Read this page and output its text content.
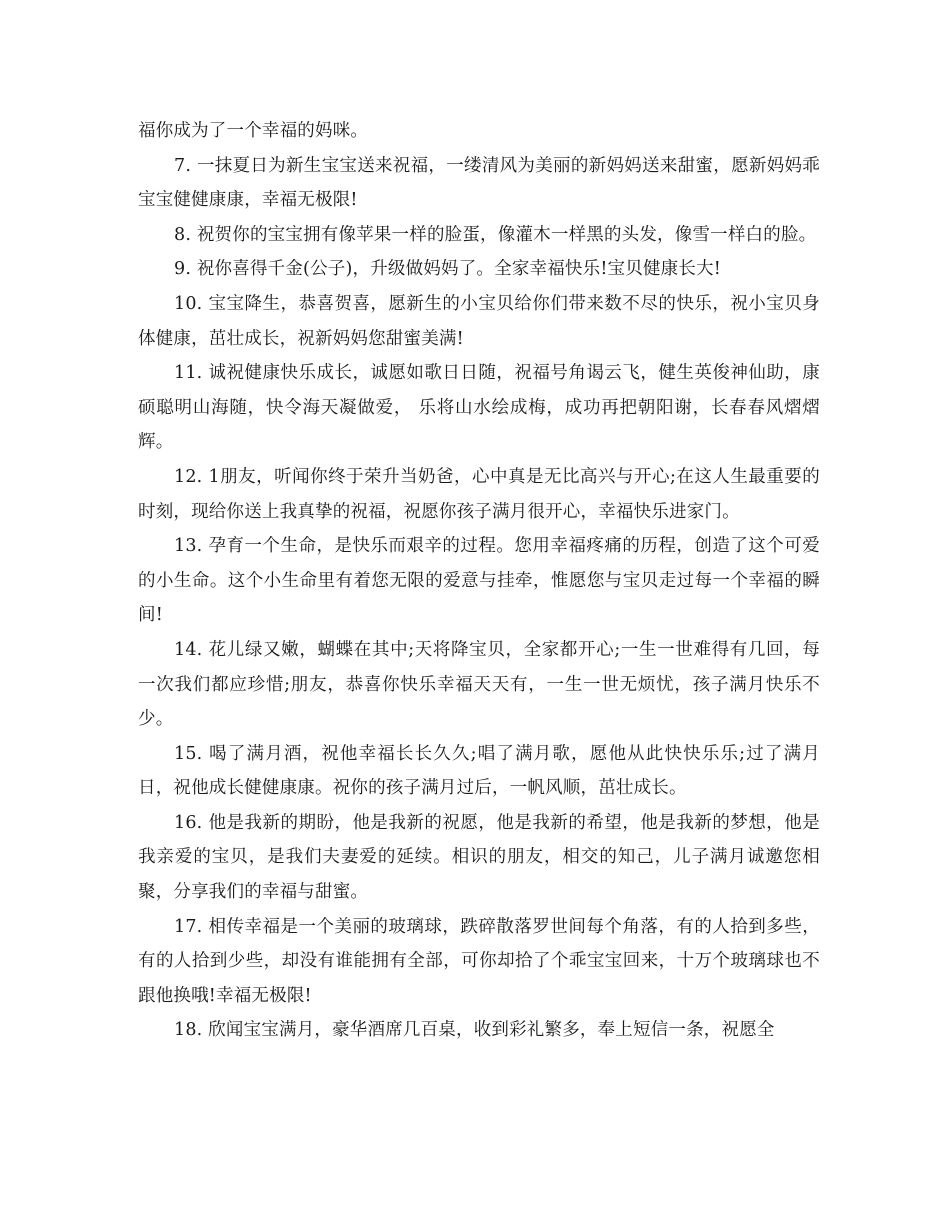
福你成为了一个幸福的妈咪。

7. 一抹夏日为新生宝宝送来祝福，一缕清风为美丽的新妈妈送来甜蜜，愿新妈妈乖宝宝健健康康，幸福无极限!

8. 祝贺你的宝宝拥有像苹果一样的脸蛋，像灌木一样黑的头发，像雪一样白的脸。

9. 祝你喜得千金(公子)，升级做妈妈了。全家幸福快乐!宝贝健康长大!

10. 宝宝降生，恭喜贺喜，愿新生的小宝贝给你们带来数不尽的快乐，祝小宝贝身体健康，茁壮成长，祝新妈妈您甜蜜美满!

11. 诚祝健康快乐成长，诚愿如歌日日随，祝福号角谒云飞，健生英俊神仙助，康硕聪明山海随，快令海天凝做爱， 乐将山水绘成梅，成功再把朝阳谢，长春春风熠熠辉。

12. 1朋友，听闻你终于荣升当奶爸，心中真是无比高兴与开心;在这人生最重要的时刻，现给你送上我真挚的祝福，祝愿你孩子满月很开心，幸福快乐进家门。

13. 孕育一个生命，是快乐而艰辛的过程。您用幸福疼痛的历程，创造了这个可爱的小生命。这个小生命里有着您无限的爱意与挂牵，惟愿您与宝贝走过每一个幸福的瞬间!

14. 花儿绿又嫩，蝴蝶在其中;天将降宝贝，全家都开心;一生一世难得有几回，每一次我们都应珍惜;朋友，恭喜你快乐幸福天天有，一生一世无烦忧，孩子满月快乐不少。

15. 喝了满月酒，祝他幸福长长久久;唱了满月歌，愿他从此快快乐乐;过了满月日，祝他成长健健康康。祝你的孩子满月过后，一帆风顺，茁壮成长。

16. 他是我新的期盼，他是我新的祝愿，他是我新的希望，他是我新的梦想，他是我亲爱的宝贝，是我们夫妻爱的延续。相识的朋友，相交的知己，儿子满月诚邀您相聚，分享我们的幸福与甜蜜。

17. 相传幸福是一个美丽的玻璃球，跌碎散落罗世间每个角落，有的人拾到多些，有的人拾到少些，却没有谁能拥有全部，可你却拾了个乖宝宝回来，十万个玻璃球也不跟他换哦!幸福无极限!

18. 欣闻宝宝满月，豪华酒席几百桌，收到彩礼繁多，奉上短信一条，祝愿全
